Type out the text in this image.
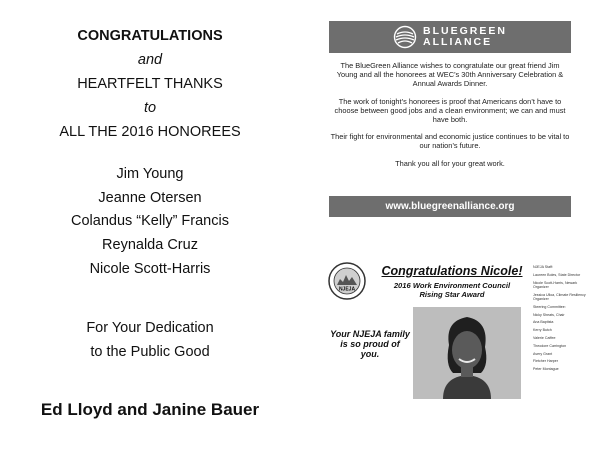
CONGRATULATIONS
and
HEARTFELT THANKS
to
ALL THE 2016 HONOREES
Jim Young
Jeanne Otersen
Colandus “Kelly” Francis
Reynalda Cruz
Nicole Scott-Harris
For Your Dedication
to the Public Good
Ed Lloyd and Janine Bauer
BLUEGREEN
ALLIANCE

The BlueGreen Alliance wishes to congratulate our great friend Jim Young and all the honorees at WEC’s 30th Anniversary Celebration & Annual Awards Dinner.

The work of tonight’s honorees is proof that Americans don’t have to choose between good jobs and a clean environment; we can and must have both.

Their fight for environmental and economic justice continues to be vital to our nation’s future.

Thank you all for your great work.

www.bluegreenalliance.org
NJEJA
Congratulations Nicole!
2016 Work Environment Council
Rising Star Award
Your NJEJA family is so proud of you.
NJEJA Staff:
Laureen Boles, State Director
Nicole Scott-Harris, Newark Organizer
Jessica Ulloa, Climate Resiliency Organizer
Steering Committee:
Nicky Sheats, Chair
Ana Baptista
Kerry Butch
Valerie Caffee
Theodore Carrington
Avery Grant
Fletcher Harper
Peter Montague
